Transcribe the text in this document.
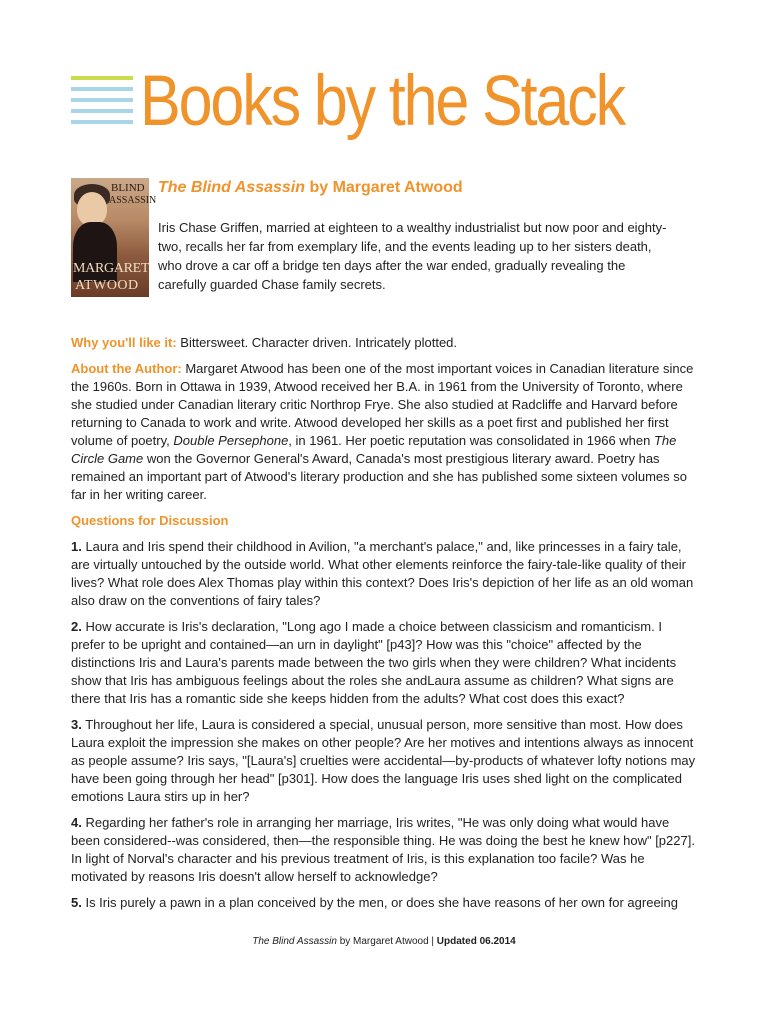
Books by the Stack
BLIND
ASSASSIN
MARGARET
ATWOOD
The Blind Assassin by Margaret Atwood

Iris Chase Griffen, married at eighteen to a wealthy industrialist but now poor and eighty-two, recalls her far from exemplary life, and the events leading up to her sisters death, who drove a car off a bridge ten days after the war ended, gradually revealing the carefully guarded Chase family secrets.

Why you'll like it: Bittersweet. Character driven. Intricately plotted.

About the Author: Margaret Atwood has been one of the most important voices in Canadian literature since the 1960s. Born in Ottawa in 1939, Atwood received her B.A. in 1961 from the University of Toronto, where she studied under Canadian literary critic Northrop Frye. She also studied at Radcliffe and Harvard before returning to Canada to work and write. Atwood developed her skills as a poet first and published her first volume of poetry, Double Persephone, in 1961. Her poetic reputation was consolidated in 1966 when The Circle Game won the Governor General's Award, Canada's most prestigious literary award. Poetry has remained an important part of Atwood's literary production and she has published some sixteen volumes so far in her writing career.

Questions for Discussion

1. Laura and Iris spend their childhood in Avilion, "a merchant's palace," and, like princesses in a fairy tale, are virtually untouched by the outside world. What other elements reinforce the fairy-tale-like quality of their lives? What role does Alex Thomas play within this context? Does Iris's depiction of her life as an old woman also draw on the conventions of fairy tales?

2. How accurate is Iris's declaration, "Long ago I made a choice between classicism and romanticism. I prefer to be upright and contained—an urn in daylight" [p43]? How was this "choice" affected by the distinctions Iris and Laura's parents made between the two girls when they were children? What incidents show that Iris has ambiguous feelings about the roles she andLaura assume as children? What signs are there that Iris has a romantic side she keeps hidden from the adults? What cost does this exact?

3. Throughout her life, Laura is considered a special, unusual person, more sensitive than most. How does Laura exploit the impression she makes on other people? Are her motives and intentions always as innocent as people assume? Iris says, "[Laura's] cruelties were accidental—by-products of whatever lofty notions may have been going through her head" [p301]. How does the language Iris uses shed light on the complicated emotions Laura stirs up in her?

4. Regarding her father's role in arranging her marriage, Iris writes, "He was only doing what would have been considered--was considered, then—the responsible thing. He was doing the best he knew how" [p227]. In light of Norval's character and his previous treatment of Iris, is this explanation too facile? Was he motivated by reasons Iris doesn't allow herself to acknowledge?

5. Is Iris purely a pawn in a plan conceived by the men, or does she have reasons of her own for agreeing

The Blind Assassin by Margaret Atwood | Updated 06.2014
